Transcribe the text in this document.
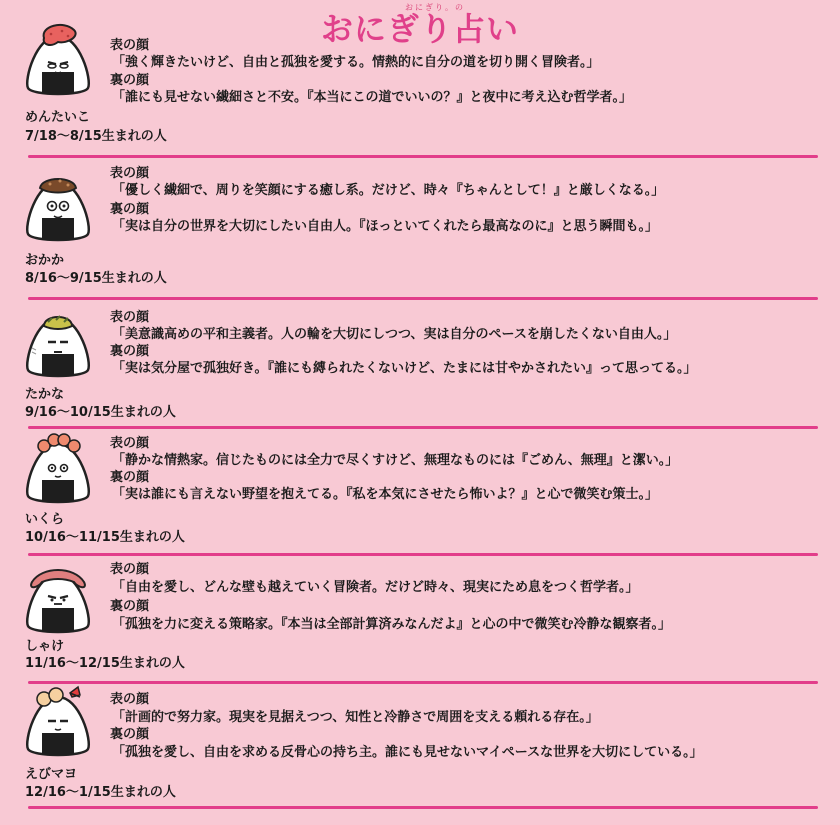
おにぎり。の
おにぎり占い
表の顔
「強く輝きたいけど、自由と孤独を愛する。情熱的に自分の道を切り開く冒険者。」
裏の顔
「誰にも見せない繊細さと不安。『本当にこの道でいいの？』と夜中に考え込む哲学者。」
めんたいこ
7/18〜8/15生まれの人
表の顔
「優しく繊細で、周りを笑顔にする癒し系。だけど、時々『ちゃんとして！』と厳しくなる。」
裏の顔
「実は自分の世界を大切にしたい自由人。『ほっといてくれたら最高なのに』と思う瞬間も。」
おかか
8/16〜9/15生まれの人
表の顔
「美意識高めの平和主義者。人の輪を大切にしつつ、実は自分のペースを崩したくない自由人。」
裏の顔
「実は気分屋で孤独好き。『誰にも縛られたくないけど、たまには甘やかされたい』って思ってる。」
たかな
9/16〜10/15生まれの人
表の顔
「静かな情熱家。信じたものには全力で尽くすけど、無理なものには『ごめん、無理』と潔い。」
裏の顔
「実は誰にも言えない野望を抱えてる。『私を本気にさせたら怖いよ？』と心で微笑む策士。」
いくら
10/16〜11/15生まれの人
表の顔
「自由を愛し、どんな壁も越えていく冒険者。だけど時々、現実にため息をつく哲学者。」
裏の顔
「孤独を力に変える策略家。『本当は全部計算済みなんだよ』と心の中で微笑む冷静な観察者。」
しゃけ
11/16〜12/15生まれの人
表の顔
「計画的で努力家。現実を見据えつつ、知性と冷静さで周囲を支える頼れる存在。」
裏の顔
「孤独を愛し、自由を求める反骨心の持ち主。誰にも見せないマイペースな世界を大切にしている。」
えびマヨ
12/16〜1/15生まれの人
